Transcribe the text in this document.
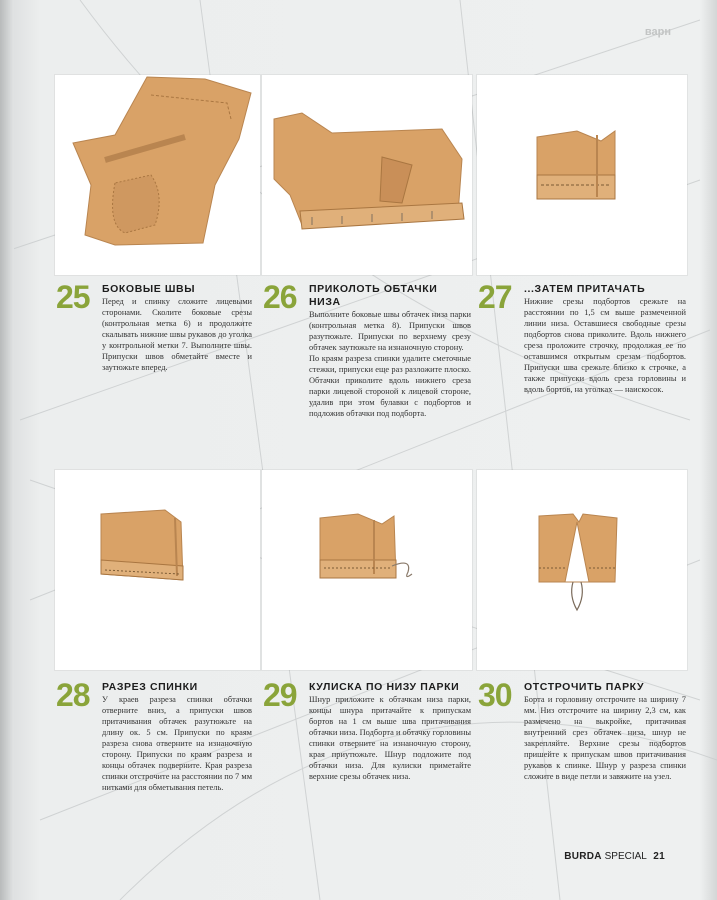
варн
25 БОКОВЫЕ ШВЫ
Перед и спинку сложите лицевыми сторонами. Сколите боковые срезы (контрольная метка 6) и продолжите скалывать нижние швы рукавов до уголка у контрольной метки 7. Выполните швы. Припуски швов обметайте вместе и заутюжьте вперед.
26 ПРИКОЛОТЬ ОБТАЧКИ НИЗА
Выполните боковые швы обтачек низа парки (контрольная метка 8). Припуски швов разутюжьте. Припуски по верхнему срезу обтачек заутюжьте на изнаночную сторону.
По краям разреза спинки удалите сметочные стежки, припуски еще раз разложите плоско. Обтачки приколите вдоль нижнего среза парки лицевой стороной к лицевой стороне, удалив при этом булавки с подбортов и подложив обтачки под подборта.
27 ...ЗАТЕМ ПРИТАЧАТЬ
Нижние срезы подбортов срежьте на расстоянии по 1,5 см выше размеченной линии низа. Оставшиеся свободные срезы подбортов снова приколите. Вдоль нижнего среза проложите строчку, продолжая ее по оставшимся открытым срезам подбортов. Припуски шва срежьте близко к строчке, а также припуски вдоль среза горловины и вдоль бортов, на уголках — наискосок.
28 РАЗРЕЗ СПИНКИ
У краев разреза спинки обтачки отверните вниз, а припуски швов притачивания обтачек разутюжьте на длину ок. 5 см. Припуски по краям разреза снова отверните на изнаночную сторону. Припуски по краям разреза и концы обтачек подверните. Края разреза спинки отстрочите на расстоянии по 7 мм нитками для обметывания петель.
29 КУЛИСКА ПО НИЗУ ПАРКИ
Шнур приложите к обтачкам низа парки, концы шнура притачайте к припускам бортов на 1 см выше шва притачивания обтачки низа. Подборта и обтачку горловины спинки отверните на изнаночную сторону, края приутюжьте. Шнур подложите под обтачки низа. Для кулиски приметайте верхние срезы обтачек низа.
30 ОТСТРОЧИТЬ ПАРКУ
Борта и горловину отстрочите на ширину 7 мм. Низ отстрочите на ширину 2,3 см, как размечено на выкройке, притачивая внутренний срез обтачек низа, шнур не закрепляйте. Верхние срезы подбортов пришейте к припускам швов притачивания рукавов к спинке. Шнур у разреза спинки сложите в виде петли и завяжите на узел.
BURDA SPECIAL 21
